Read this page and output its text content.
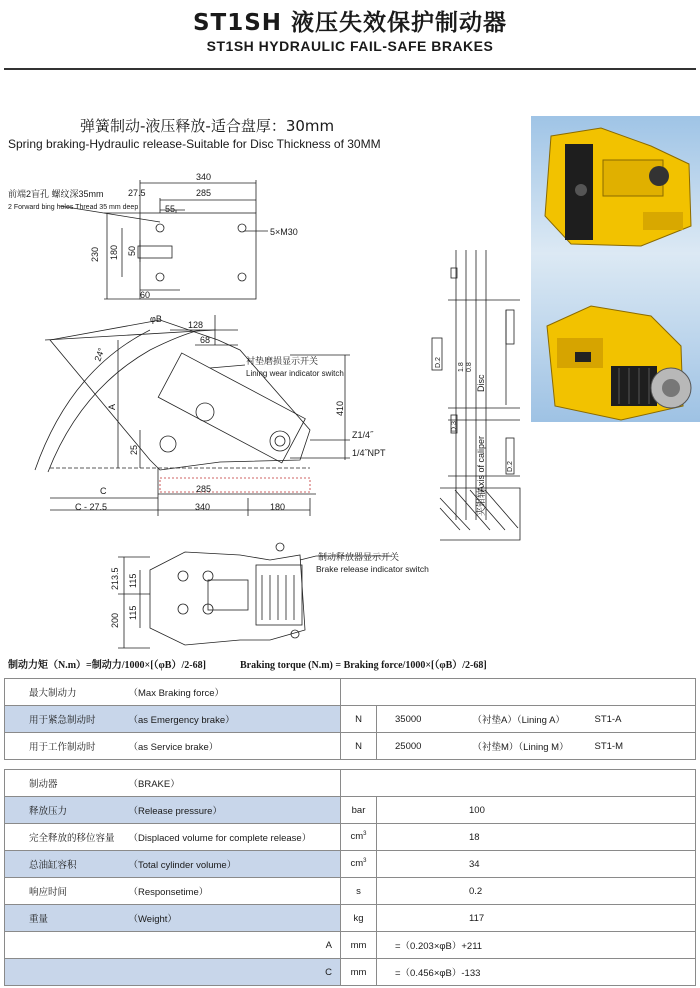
ST1SH 液压失效保护制动器
ST1SH HYDRAULIC FAIL-SAFE BRAKES
弹簧制动-液压释放-适合盘厚：30mm
Spring braking-Hydraulic release-Suitable for Disc Thickness of 30MM
前端2盲孔 螺纹深35mm
2 Forward bing holes Thread 35 mm deep
340
285
27.5
55
230 180 50
60
5×M30
φB
128
68
24°
A
25
410
C	285
C - 27.5	340	180
衬垫磨损显示开关
Lining wear indicator switch
Z1/4˝
1/4˝NPT
1.8 0.8
D.2
D.3
D.2
Disc
夹钳轴
Axis of caliper
213.5 115
200
115
制动释放器显示开关
Brake release indicator switch
制动力矩（N.m）=制动力/1000×[（φB）/2-68]	Braking torque (N.m) = Braking force/1000×[（φB）/2-68]
最大制动力	（Max Braking force）				
用于紧急制动时	（as Emergency brake）	N	35000	（衬垫A）（Lining A）	ST1-A
用于工作制动时	（as Service brake）	N	25000	（衬垫M）（Lining M）	ST1-M
制动器	（BRAKE）		
释放压力	（Release pressure）	bar	100
完全释放的移位容量	（Displaced volume for complete release）	$cm^3$	18
总油缸容积	（Total cylinder volume）	$cm^3$	34
响应时间	（Responsetime）	s	0.2
重量	（Weight）	kg	117
A		mm	=（0.203×φB）+211
C		mm	=（0.456×φB）-133
